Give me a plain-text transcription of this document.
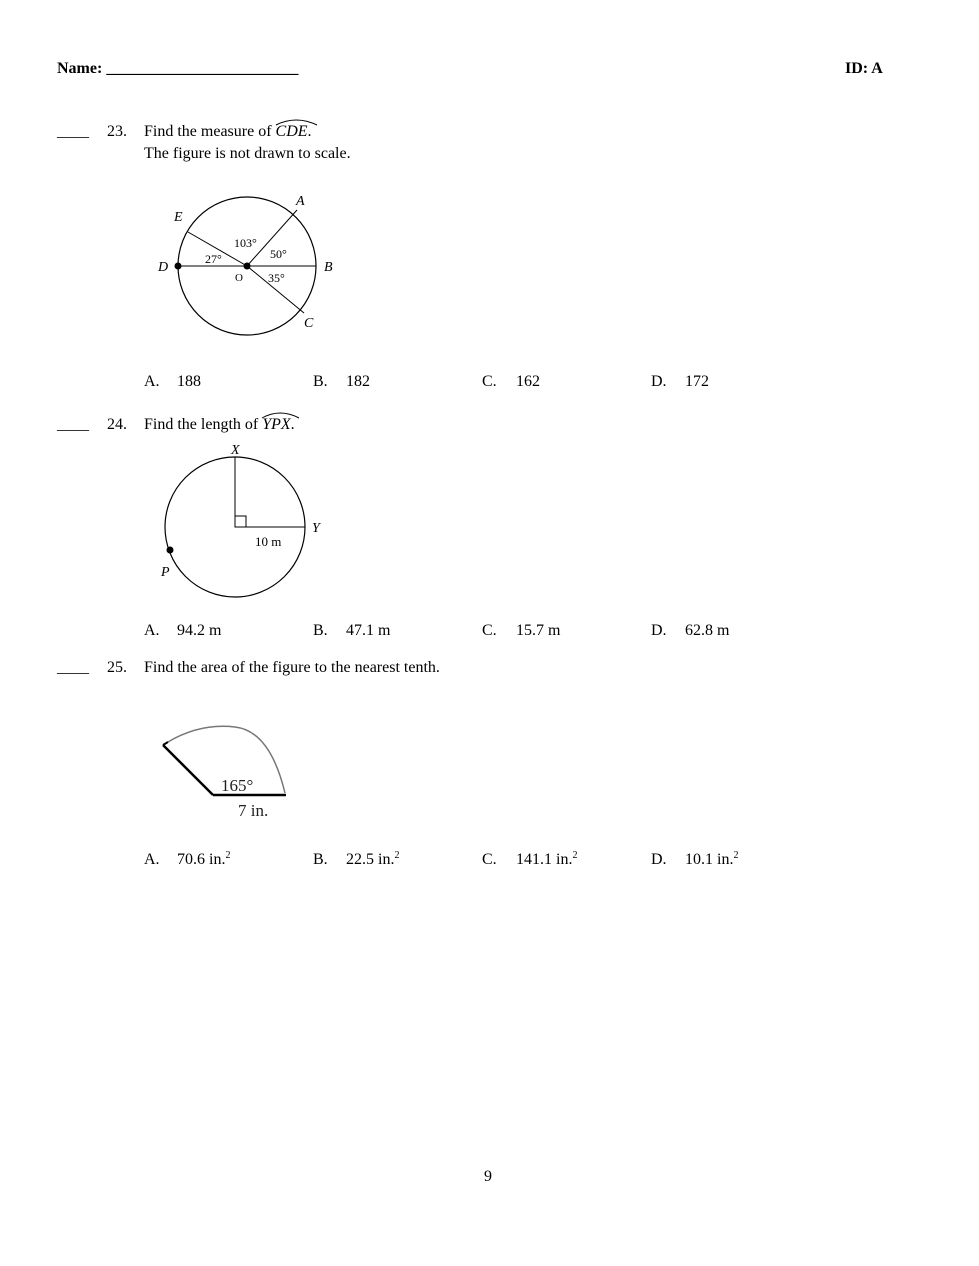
Name: ________________________	ID: A
____ 23. Find the measure of CDE.
The figure is not drawn to scale.
E
A
D	B
C
O
27°
103°
50°
35°
A. 188	B. 182	C. 162	D. 172
____ 24. Find the length of YPX.
X
Y
P
10 m
A. 94.2 m	B. 47.1 m	C. 15.7 m	D. 62.8 m
____ 25. Find the area of the figure to the nearest tenth.
165°
7 in.
A. 70.6 in.$^2$	B. 22.5 in.$^2$	C. 141.1 in.$^2$	D. 10.1 in.$^2$
9
